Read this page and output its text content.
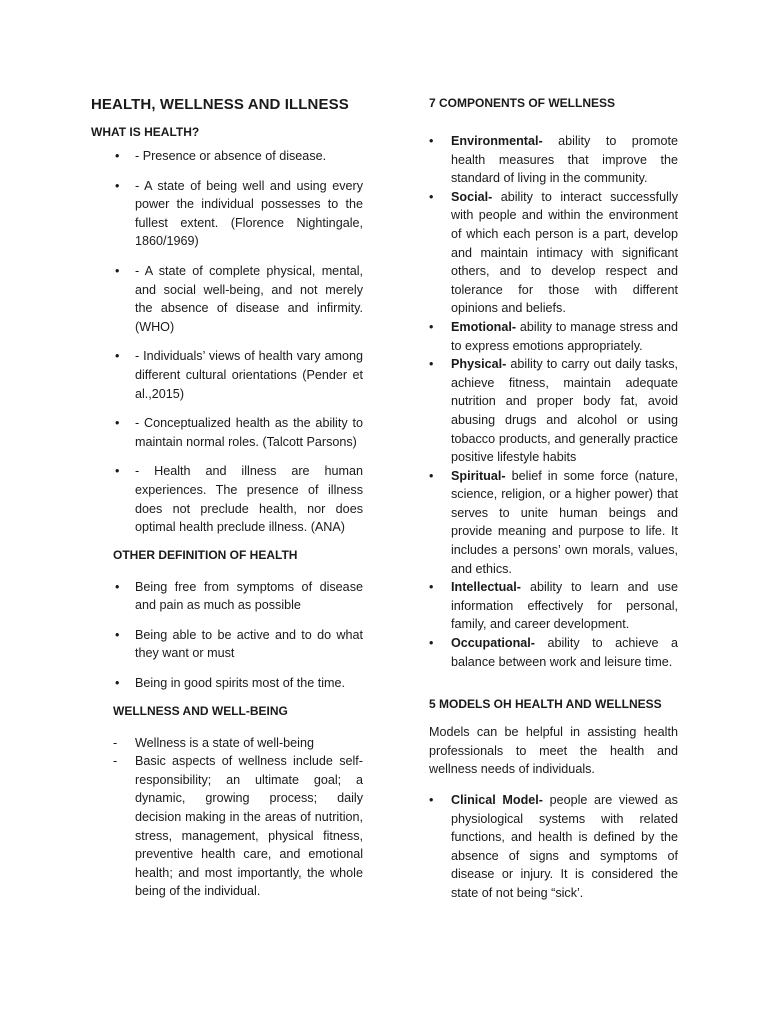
HEALTH, WELLNESS AND ILLNESS
WHAT IS HEALTH?
• - Presence or absence of disease.
• - A state of being well and using every power the individual possesses to the fullest extent. (Florence Nightingale, 1860/1969)
• - A state of complete physical, mental, and social well-being, and not merely the absence of disease and infirmity. (WHO)
• - Individuals’ views of health vary among different cultural orientations (Pender et al.,2015)
• - Conceptualized health as the ability to maintain normal roles. (Talcott Parsons)
• - Health and illness are human experiences. The presence of illness does not preclude health, nor does optimal health preclude illness. (ANA)
OTHER DEFINITION OF HEALTH
• Being free from symptoms of disease and pain as much as possible
• Being able to be active and to do what they want or must
• Being in good spirits most of the time.
WELLNESS AND WELL-BEING
- Wellness is a state of well-being
- Basic aspects of wellness include self-responsibility; an ultimate goal; a dynamic, growing process; daily decision making in the areas of nutrition, stress, management, physical fitness, preventive health care, and emotional health; and most importantly, the whole being of the individual.
7 COMPONENTS OF WELLNESS
• Environmental- ability to promote health measures that improve the standard of living in the community.
• Social- ability to interact successfully with people and within the environment of which each person is a part, develop and maintain intimacy with significant others, and to develop respect and tolerance for those with different opinions and beliefs.
• Emotional- ability to manage stress and to express emotions appropriately.
• Physical- ability to carry out daily tasks, achieve fitness, maintain adequate nutrition and proper body fat, avoid abusing drugs and alcohol or using tobacco products, and generally practice positive lifestyle habits
• Spiritual- belief in some force (nature, science, religion, or a higher power) that serves to unite human beings and provide meaning and purpose to life. It includes a persons’ own morals, values, and ethics.
• Intellectual- ability to learn and use information effectively for personal, family, and career development.
• Occupational- ability to achieve a balance between work and leisure time.
5 MODELS OH HEALTH AND WELLNESS

Models can be helpful in assisting health professionals to meet the health and wellness needs of individuals.

• Clinical Model- people are viewed as physiological systems with related functions, and health is defined by the absence of signs and symptoms of disease or injury. It is considered the state of not being “sick’.
